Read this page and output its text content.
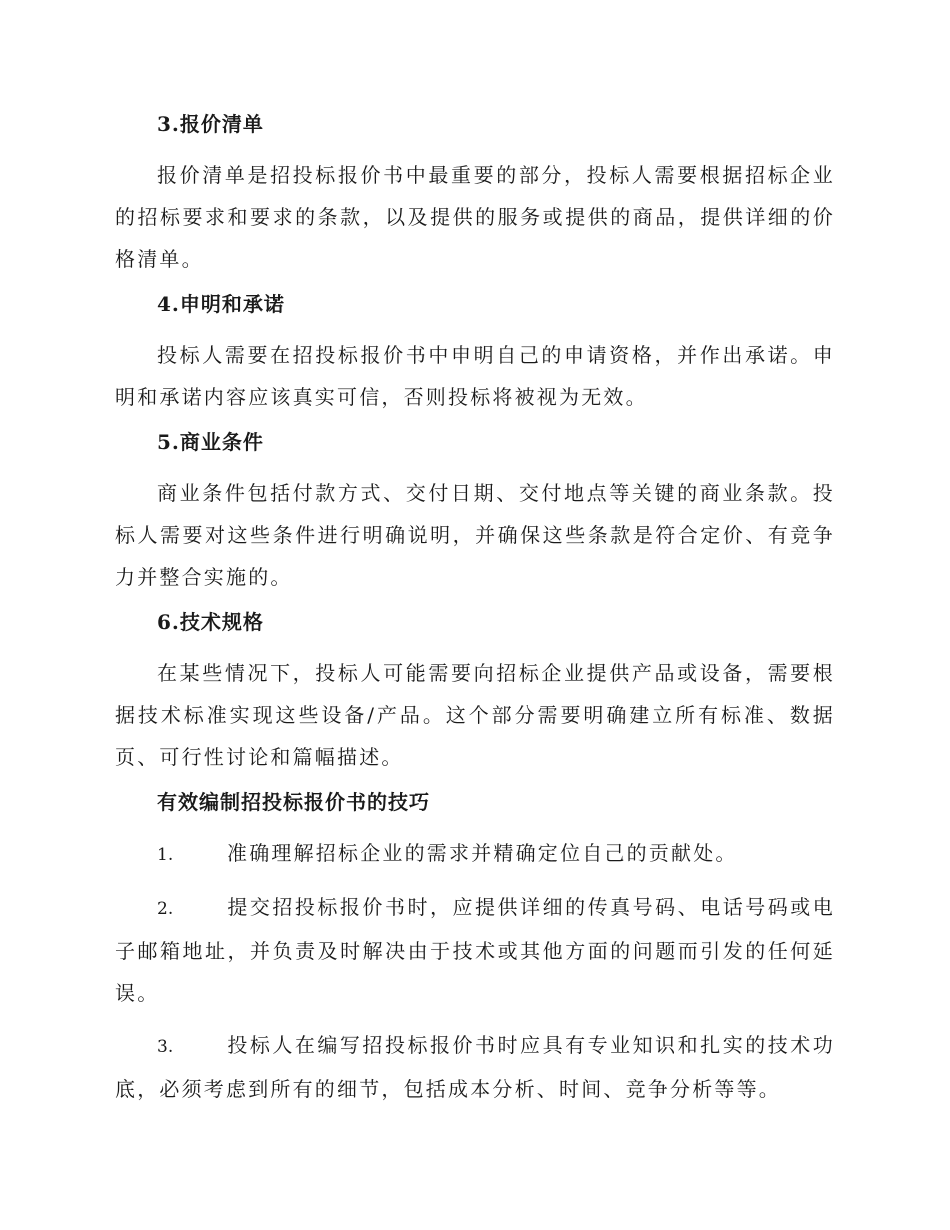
3.报价清单

报价清单是招投标报价书中最重要的部分，投标人需要根据招标企业的招标要求和要求的条款，以及提供的服务或提供的商品，提供详细的价格清单。

4.申明和承诺

投标人需要在招投标报价书中申明自己的申请资格，并作出承诺。申明和承诺内容应该真实可信，否则投标将被视为无效。

5.商业条件

商业条件包括付款方式、交付日期、交付地点等关键的商业条款。投标人需要对这些条件进行明确说明，并确保这些条款是符合定价、有竞争力并整合实施的。

6.技术规格

在某些情况下，投标人可能需要向招标企业提供产品或设备，需要根据技术标准实现这些设备/产品。这个部分需要明确建立所有标准、数据页、可行性讨论和篇幅描述。

有效编制招投标报价书的技巧

1.	准确理解招标企业的需求并精确定位自己的贡献处。

2.	提交招投标报价书时，应提供详细的传真号码、电话号码或电子邮箱地址，并负责及时解决由于技术或其他方面的问题而引发的任何延误。

3.	投标人在编写招投标报价书时应具有专业知识和扎实的技术功底，必须考虑到所有的细节，包括成本分析、时间、竞争分析等等。
